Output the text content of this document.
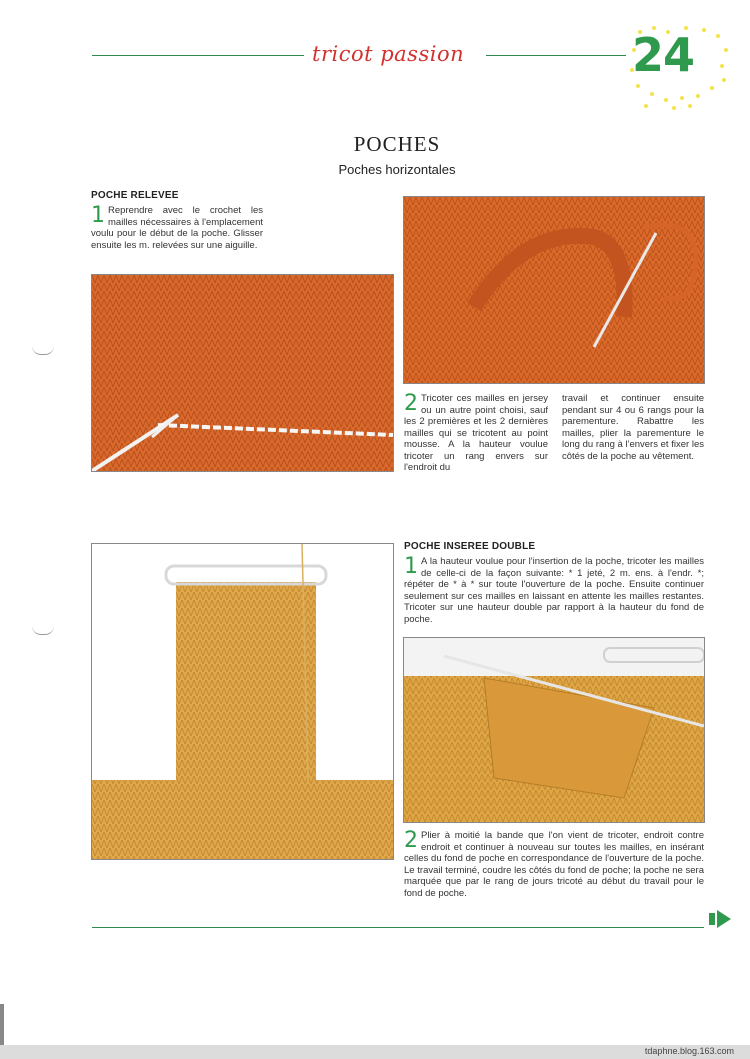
tricot passion	24
POCHES
Poches horizontales
POCHE RELEVEE
1 Reprendre avec le crochet les mailles nécessaires à l'emplacement voulu pour le début de la poche. Glisser ensuite les m. relevées sur une aiguille.
2 Tricoter ces mailles en jersey ou un autre point choisi, sauf les 2 premières et les 2 dernières mailles qui se tricotent au point mousse. A la hauteur voulue tricoter un rang envers sur l'endroit du
travail et continuer ensuite pendant sur 4 ou 6 rangs pour la parementure. Rabattre les mailles, plier la parementure le long du rang à l'envers et fixer les côtés de la poche au vêtement.
POCHE INSEREE DOUBLE
1 A la hauteur voulue pour l'insertion de la poche, tricoter les mailles de celle-ci de la façon suivante: * 1 jeté, 2 m. ens. à l'endr. *; répéter de * à * sur toute l'ouverture de la poche. Ensuite continuer seulement sur ces mailles en laissant en attente les mailles restantes. Tricoter sur une hauteur double par rapport à la hauteur du fond de poche.
2 Plier à moitié la bande que l'on vient de tricoter, endroit contre endroit et continuer à nouveau sur toutes les mailles, en insérant celles du fond de poche en correspondance de l'ouverture de la poche. Le travail terminé, coudre les côtés du fond de poche; la poche ne sera marquée que par le rang de jours tricoté au début du travail pour le fond de poche.
tdaphne.blog.163.com
